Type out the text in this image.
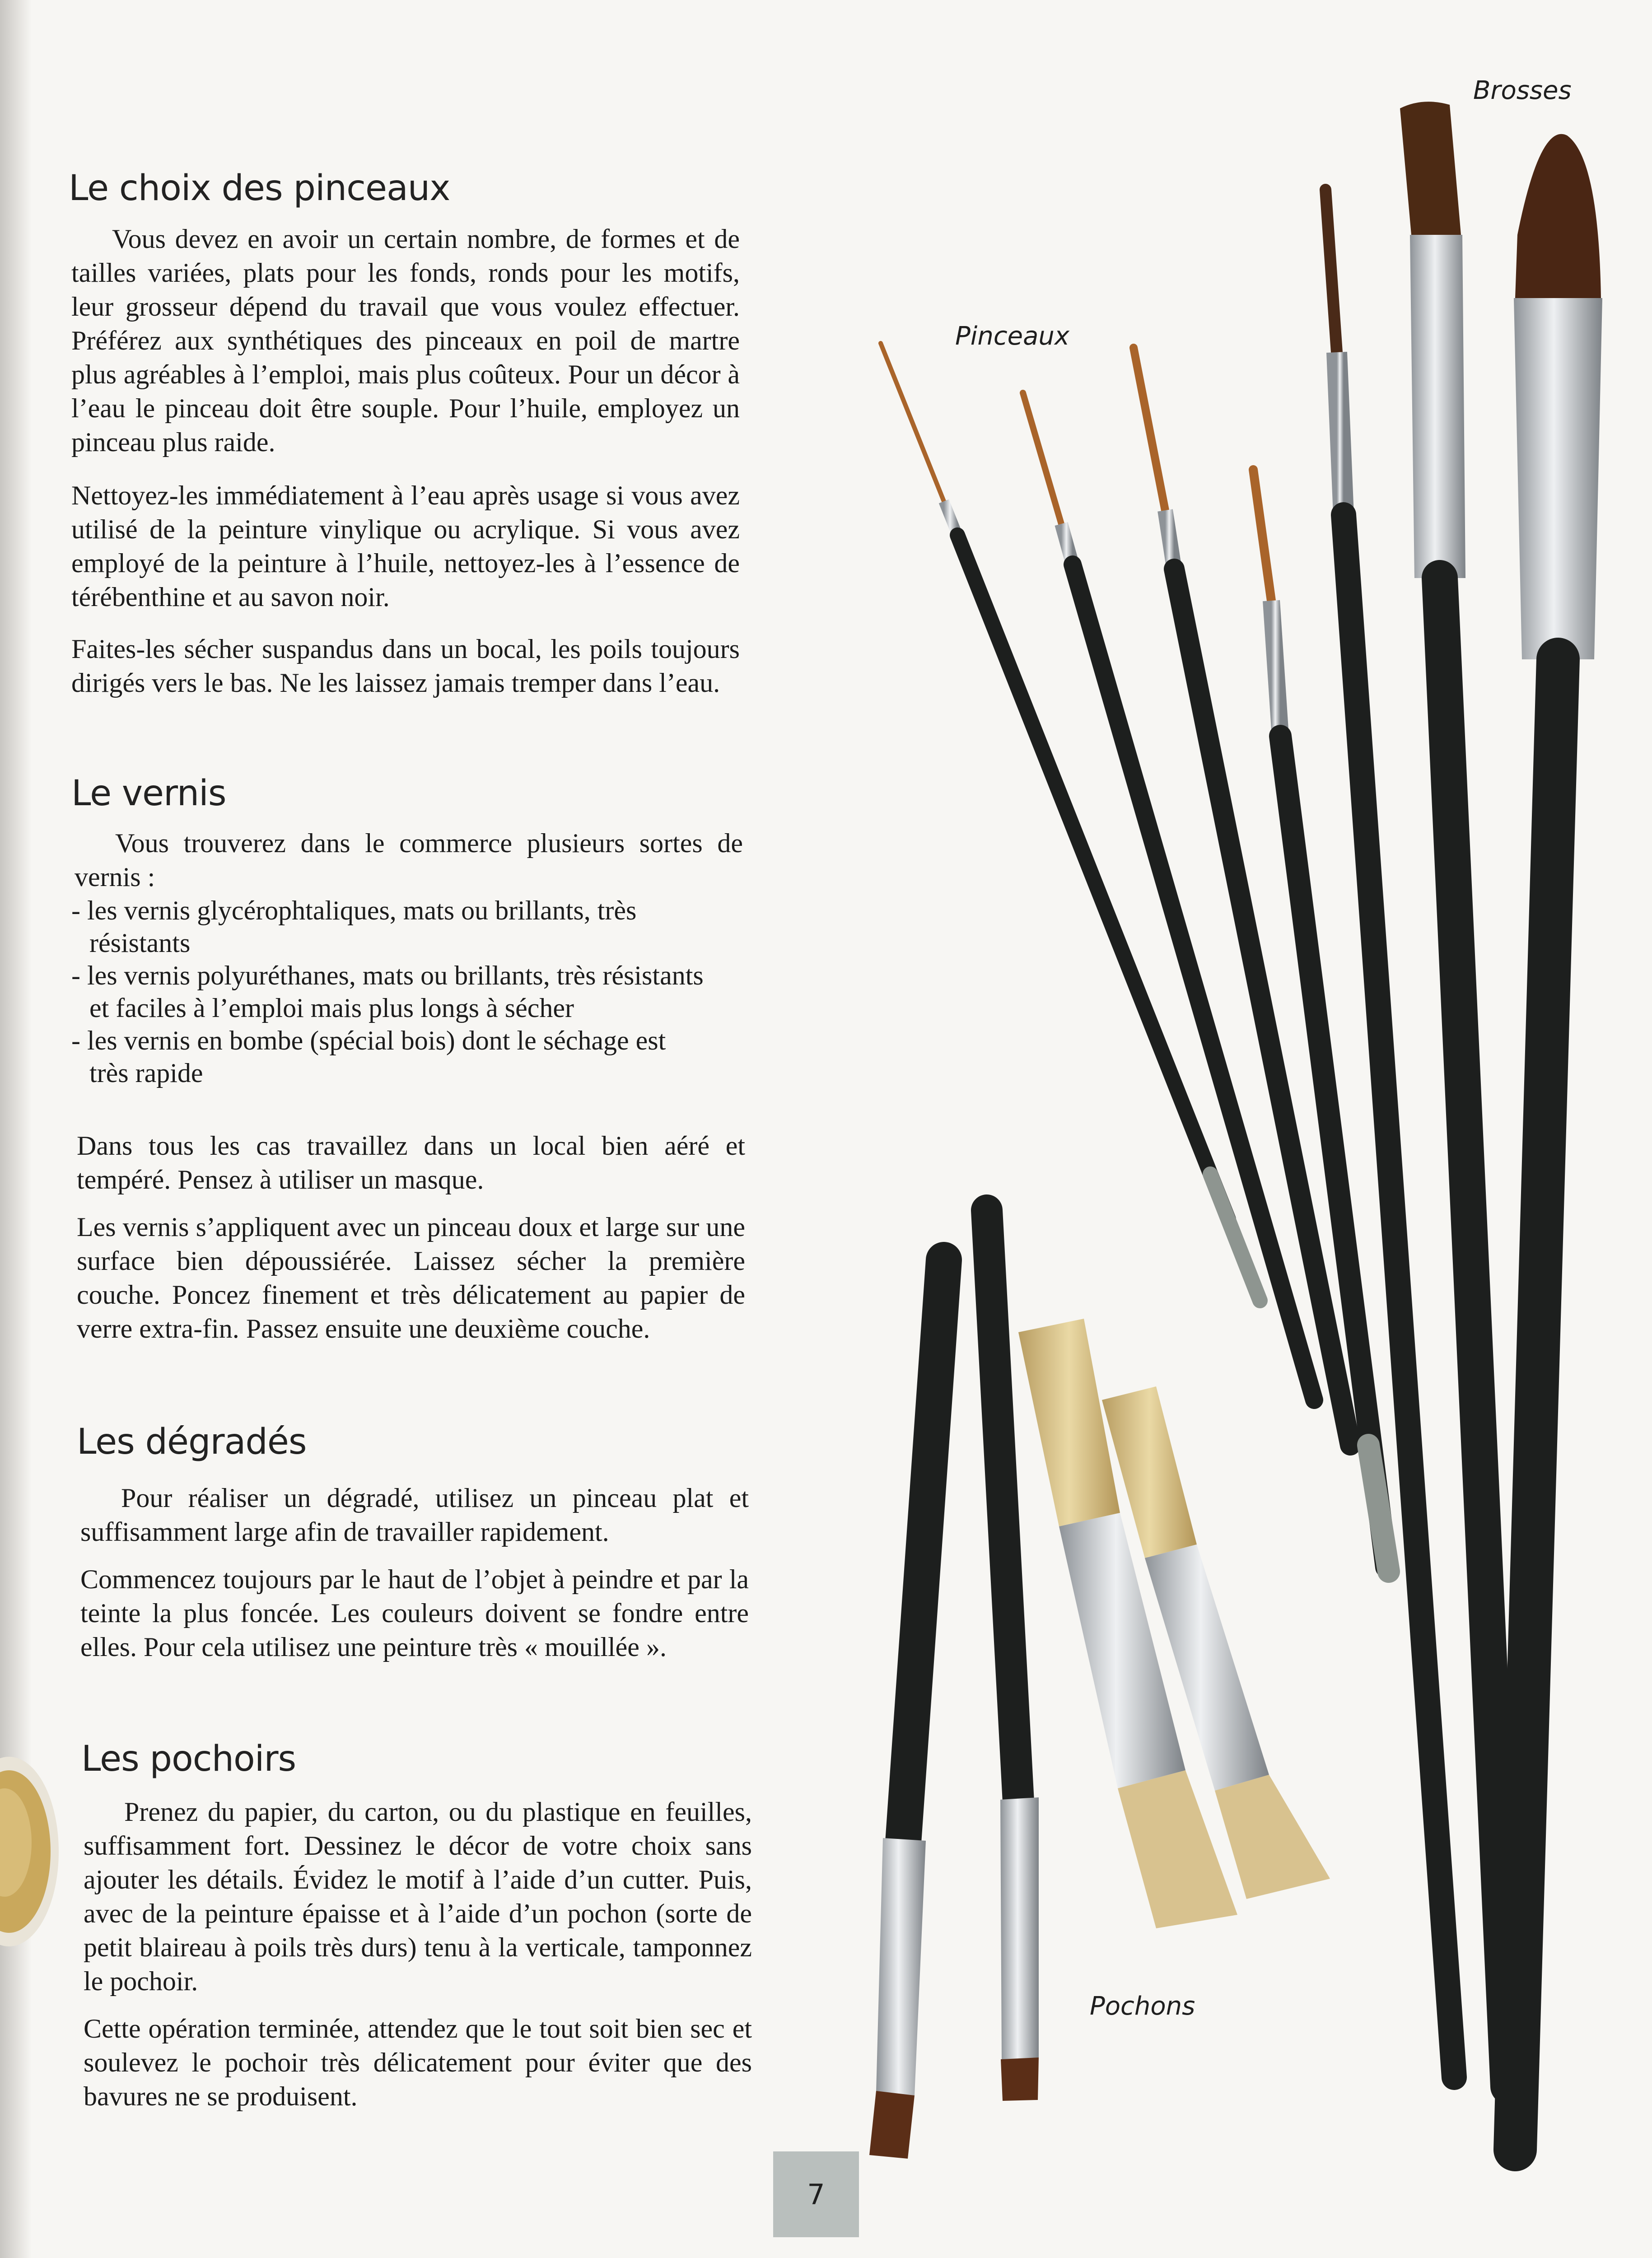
Le choix des pinceaux

Vous devez en avoir un certain nombre, de formes et de tailles variées, plats pour les fonds, ronds pour les motifs, leur grosseur dépend du travail que vous voulez effectuer. Préférez aux synthétiques des pinceaux en poil de martre plus agréables à l’emploi, mais plus coûteux. Pour un décor à l’eau le pinceau doit être souple. Pour l’huile, employez un pinceau plus raide.

Nettoyez-les immédiatement à l’eau après usage si vous avez utilisé de la peinture vinylique ou acrylique. Si vous avez employé de la peinture à l’huile, nettoyez-les à l’essence de térébenthine et au savon noir.

Faites-les sécher suspandus dans un bocal, les poils toujours dirigés vers le bas. Ne les laissez jamais tremper dans l’eau.

Le vernis

Vous trouverez dans le commerce plusieurs sortes de vernis :

- les vernis glycérophtaliques, mats ou brillants, très résistants
- les vernis polyuréthanes, mats ou brillants, très résistants et faciles à l’emploi mais plus longs à sécher
- les vernis en bombe (spécial bois) dont le séchage est très rapide

Dans tous les cas travaillez dans un local bien aéré et tempéré. Pensez à utiliser un masque.

Les vernis s’appliquent avec un pinceau doux et large sur une surface bien dépoussiérée. Laissez sécher la première couche. Poncez finement et très délicatement au papier de verre extra-fin. Passez ensuite une deuxième couche.

Les dégradés

Pour réaliser un dégradé, utilisez un pinceau plat et suffisamment large afin de travailler rapidement.

Commencez toujours par le haut de l’objet à peindre et par la teinte la plus foncée. Les couleurs doivent se fondre entre elles. Pour cela utilisez une peinture très « mouillée ».

Les pochoirs

Prenez du papier, du carton, ou du plastique en feuilles, suffisamment fort. Dessinez le décor de votre choix sans ajouter les détails. Évidez le motif à l’aide d’un cutter. Puis, avec de la peinture épaisse et à l’aide d’un pochon (sorte de petit blaireau à poils très durs) tenu à la verticale, tamponnez le pochoir.

Cette opération terminée, attendez que le tout soit bien sec et soulevez le pochoir très délicatement pour éviter que des bavures ne se produisent.

Brosses

Pinceaux

Pochons

7
